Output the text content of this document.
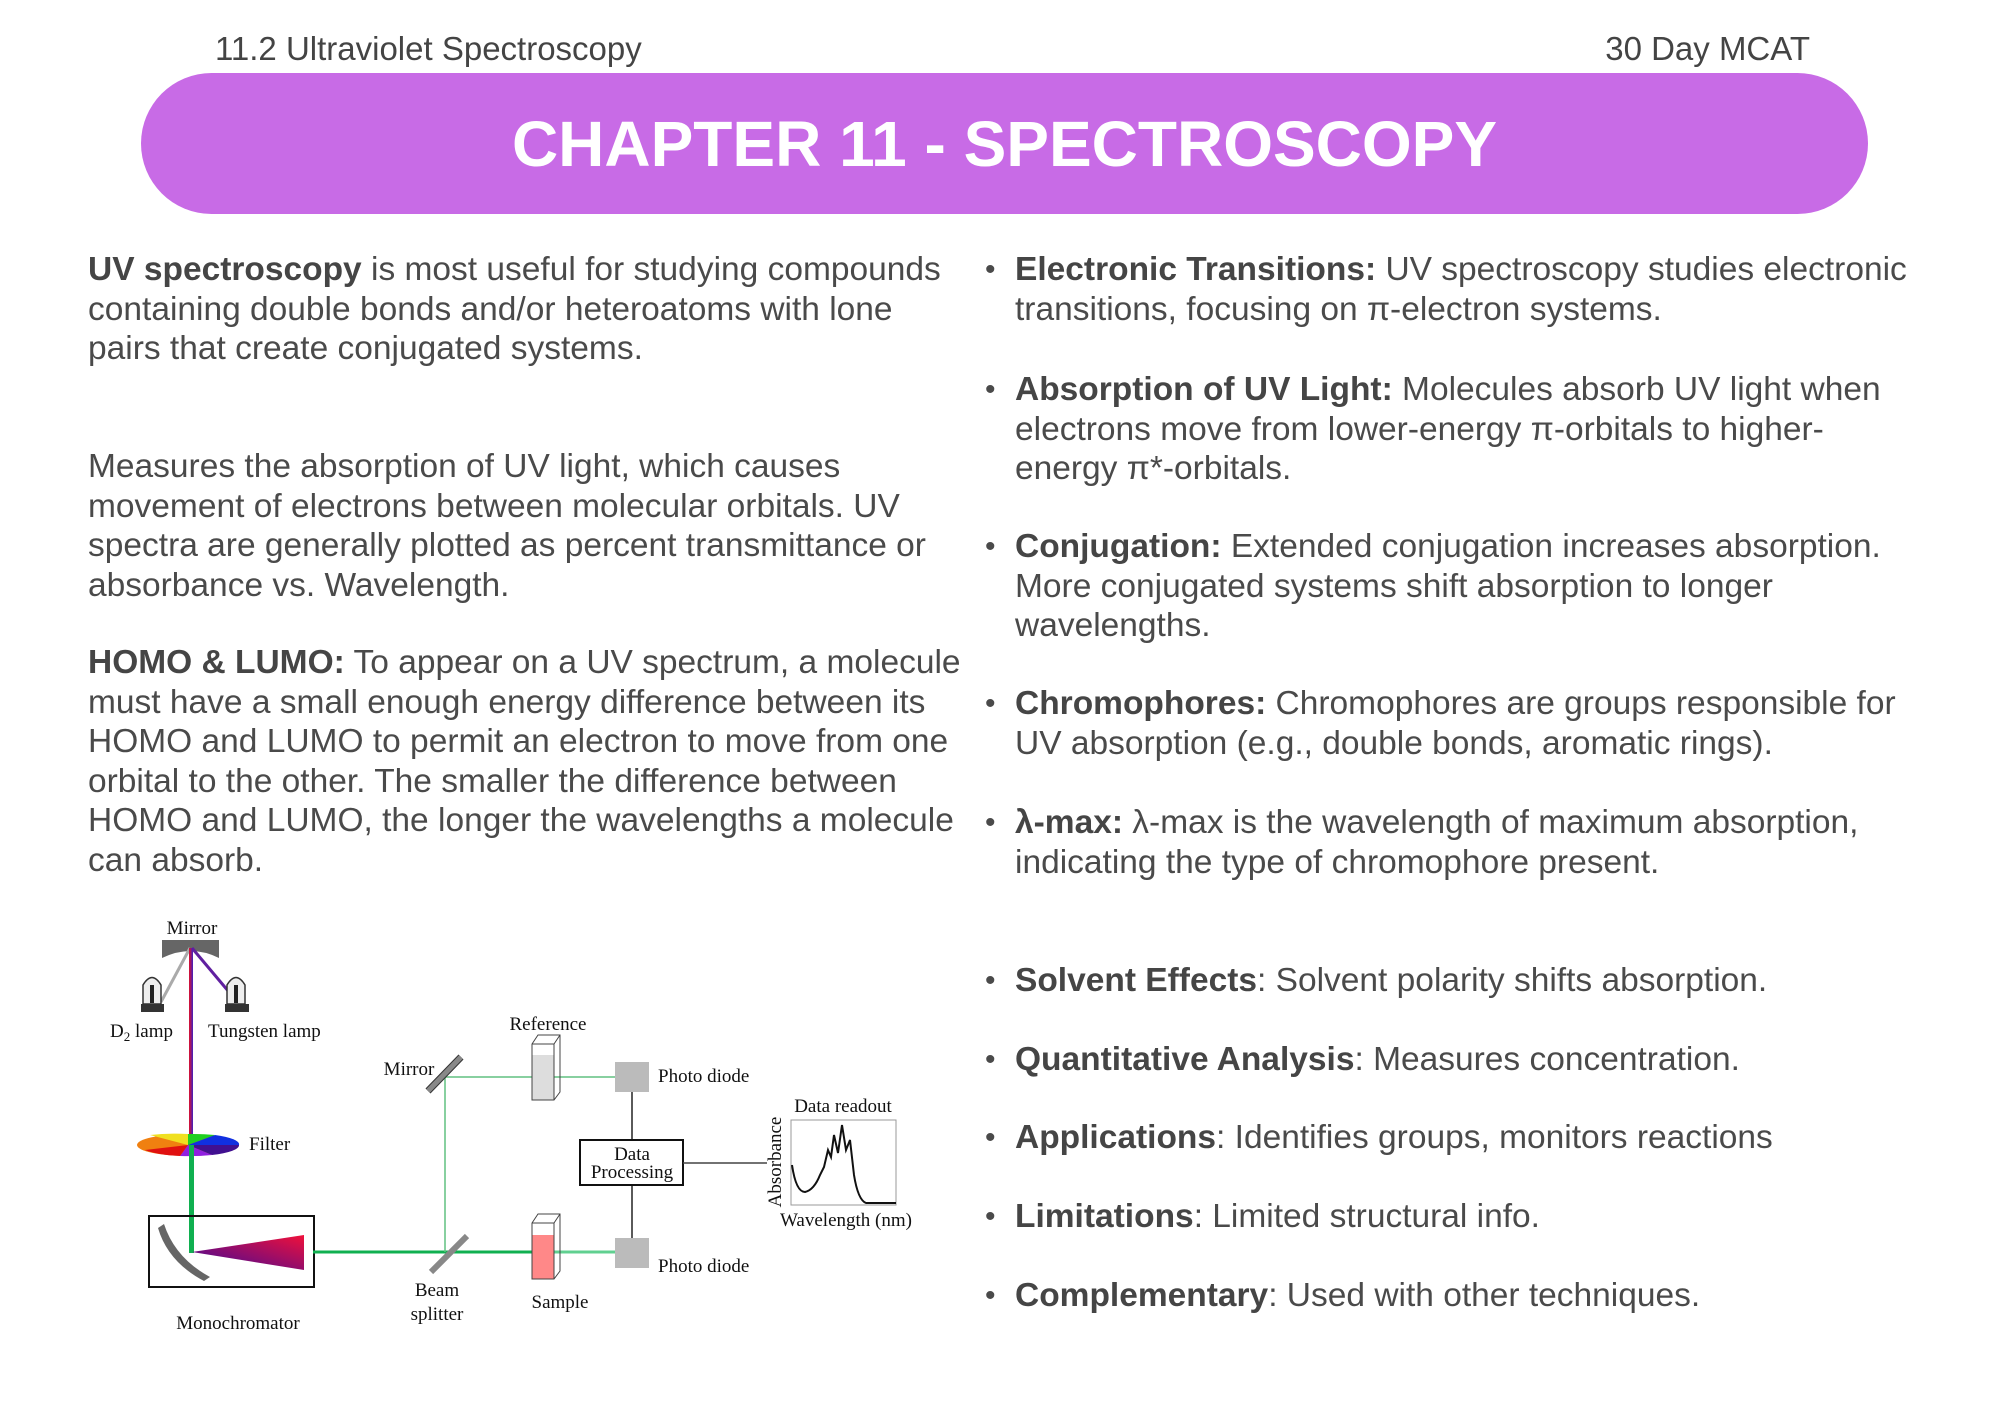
11.2 Ultraviolet Spectroscopy	30 Day MCAT
CHAPTER 11 - SPECTROSCOPY
UV spectroscopy is most useful for studying compounds containing double bonds and/or heteroatoms with lone pairs that create conjugated systems.
Measures the absorption of UV light, which causes movement of electrons between molecular orbitals. UV spectra are generally plotted as percent transmittance or absorbance vs. Wavelength.
HOMO & LUMO: To appear on a UV spectrum, a molecule must have a small enough energy difference between its HOMO and LUMO to permit an electron to move from one orbital to the other. The smaller the difference between HOMO and LUMO, the longer the wavelengths a molecule can absorb.
• Electronic Transitions: UV spectroscopy studies electronic transitions, focusing on π-electron systems.
• Absorption of UV Light: Molecules absorb UV light when electrons move from lower-energy π-orbitals to higher-energy π*-orbitals.
• Conjugation: Extended conjugation increases absorption. More conjugated systems shift absorption to longer wavelengths.
• Chromophores: Chromophores are groups responsible for UV absorption (e.g., double bonds, aromatic rings).
• λ-max: λ-max is the wavelength of maximum absorption, indicating the type of chromophore present.
• Solvent Effects: Solvent polarity shifts absorption.
• Quantitative Analysis: Measures concentration.
• Applications: Identifies groups, monitors reactions
• Limitations: Limited structural info.
• Complementary: Used with other techniques.
Mirror
$D_2$ lamp Tungsten lamp
Filter
Monochromator
Beam
splitter
Mirror
Reference
Sample
Photo diode
Photo diode
Data
Processing
Data readout
Absorbance
Wavelength (nm)
